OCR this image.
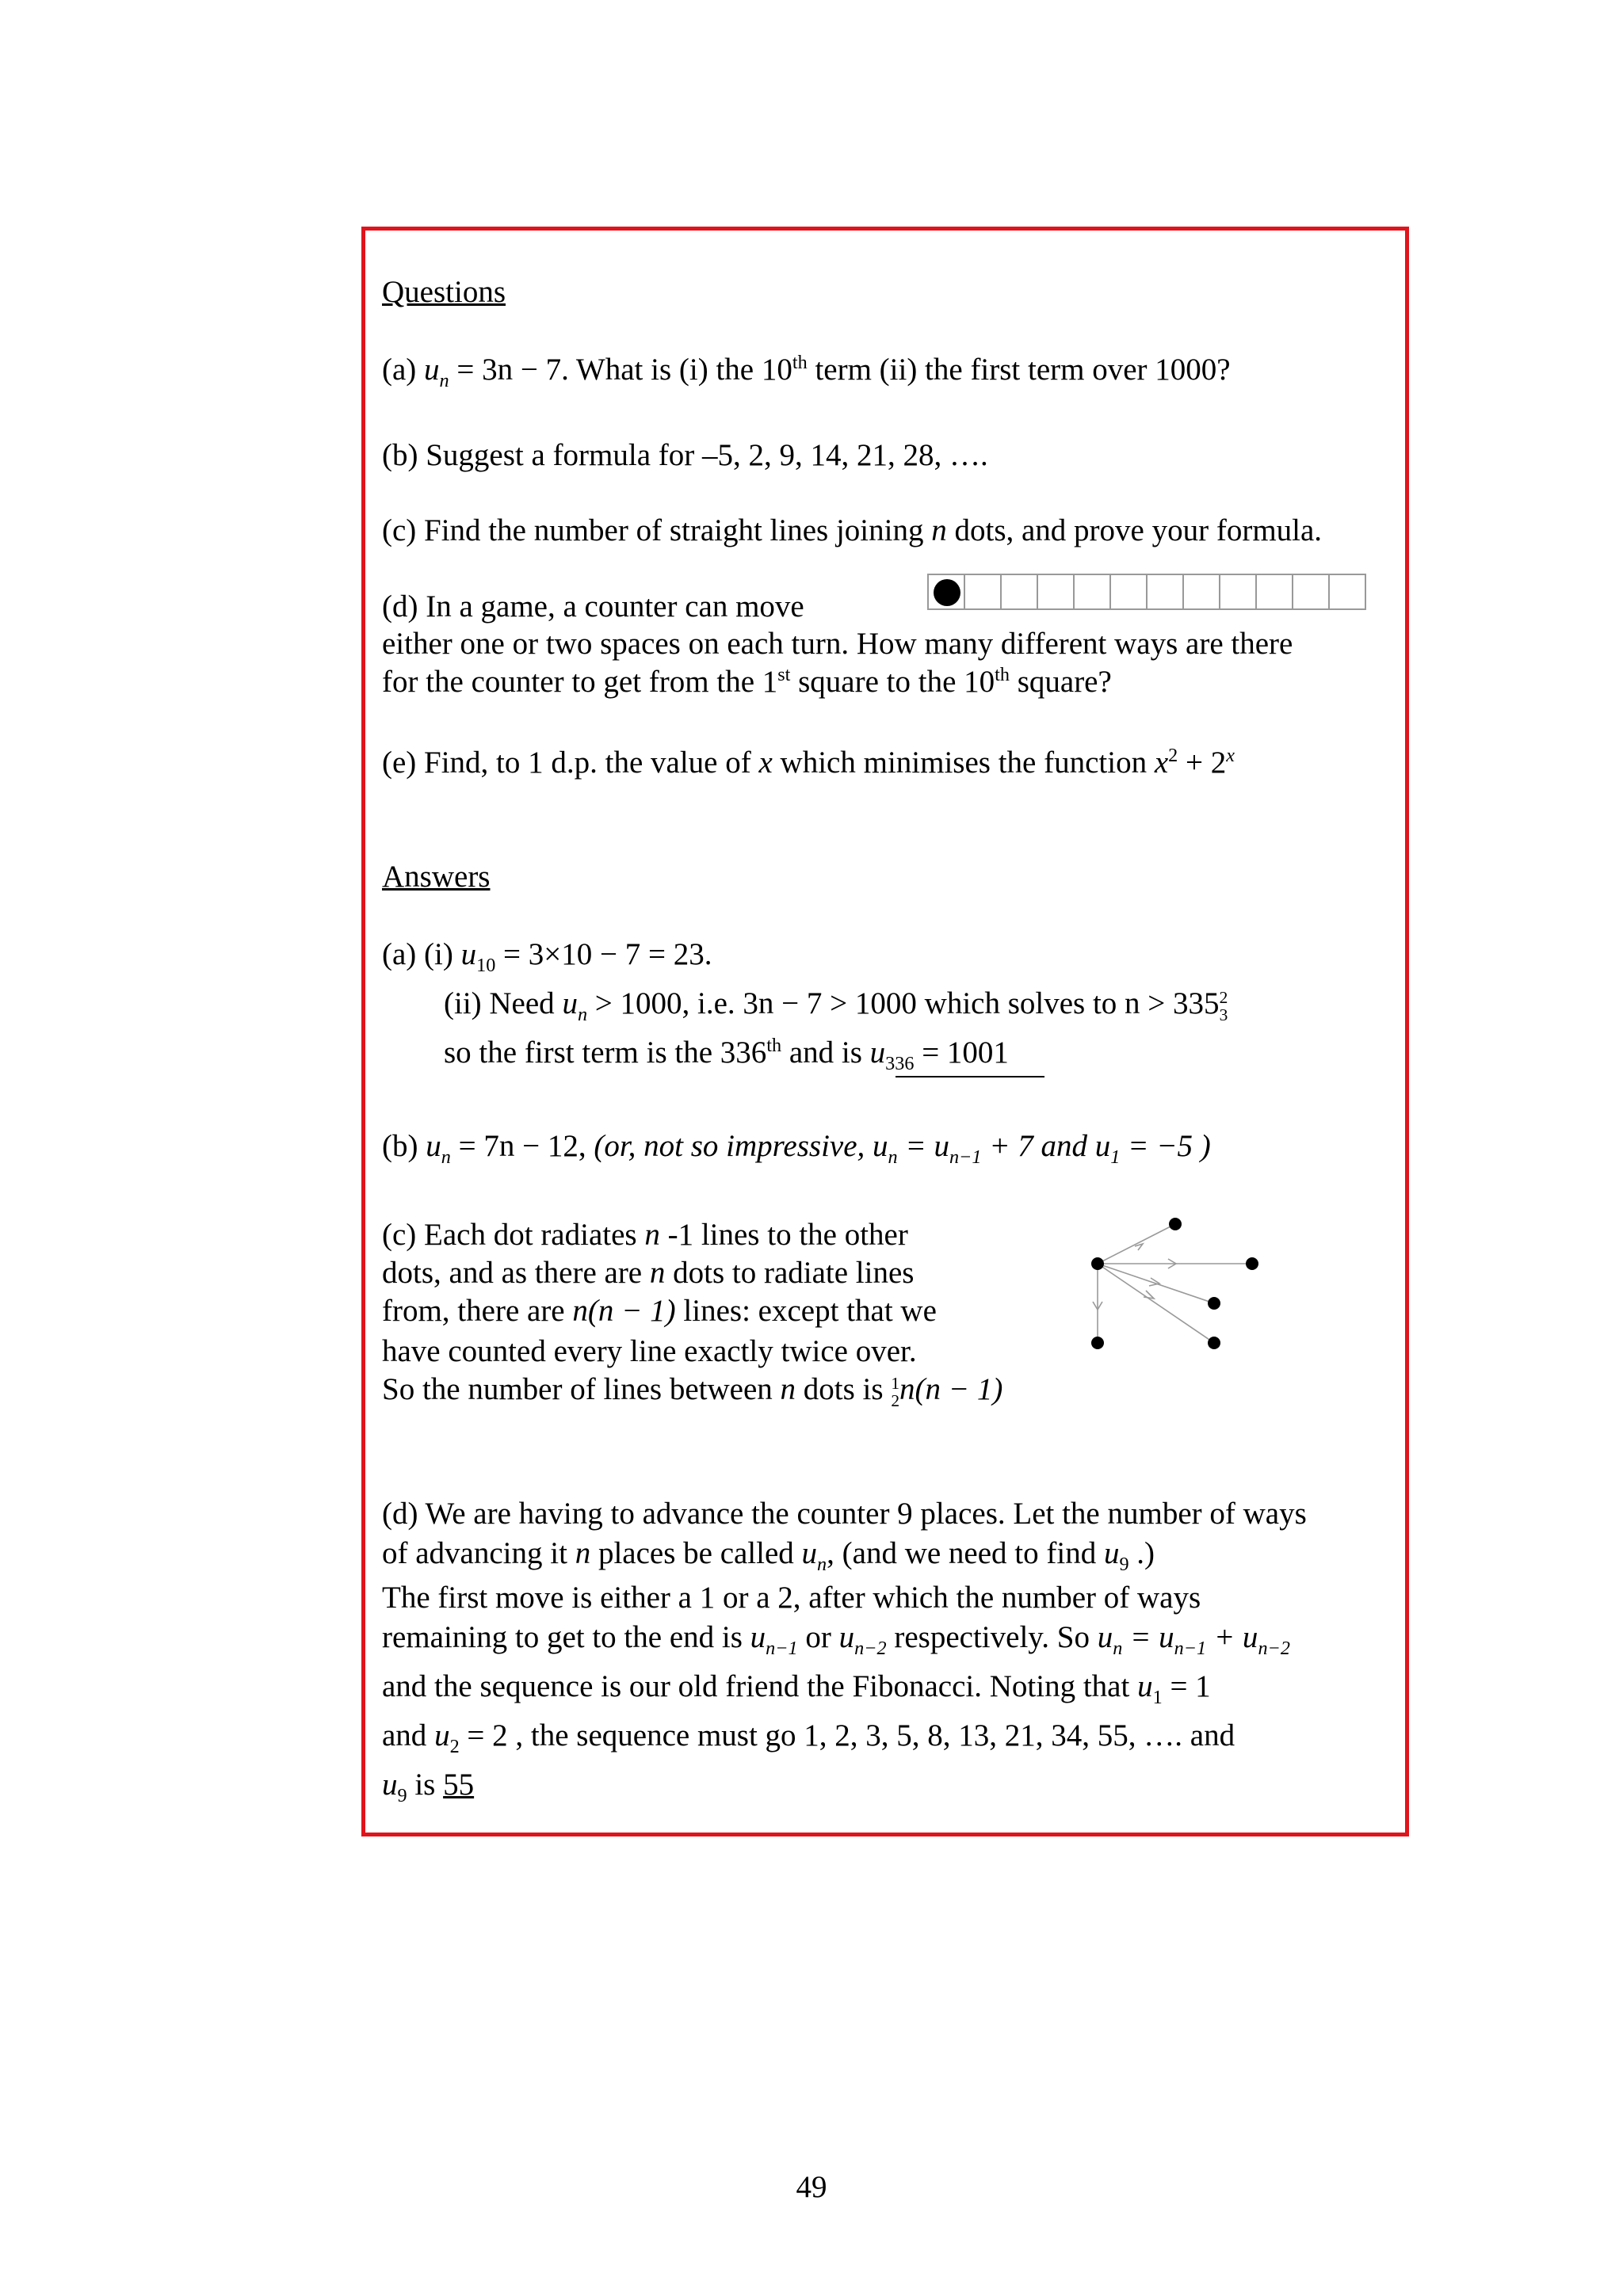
Questions
(a) $u_n = 3n - 7$. What is (i) the 10th term (ii) the first term over 1000?
(b) Suggest a formula for –5, 2, 9, 14, 21, 28, ….
(c) Find the number of straight lines joining n dots, and prove your formula.
(d) In a game, a counter can move
either one or two spaces on each turn. How many different ways are there
for the counter to get from the 1st square to the 10th square?
(e) Find, to 1 d.p. the value of x which minimises the function $x^2 + 2^x$
Answers
(a) (i) $u_{10} = 3\times 10 - 7 = 23$.
(ii) Need $u_n > 1000$, i.e. 3n − 7 > 1000 which solves to n > 335 2
3
so the first term is the 336th and is $u_{336} = 1001$
(b) $u_n = 7n - 12$, (or, not so impressive, $u_n = u_{n-1} + 7$ and $u_1 = -5$ )
(c) Each dot radiates n -1 lines to the other
dots, and as there are n dots to radiate lines
from, there are n(n − 1) lines: except that we
have counted every line exactly twice over.
So the number of lines between n dots is 1
2 n(n − 1)
(d) We are having to advance the counter 9 places. Let the number of ways
of advancing it n places be called $u_n$, (and we need to find $u_9$ .)
The first move is either a 1 or a 2, after which the number of ways
remaining to get to the end is $u_{n-1}$ or $u_{n-2}$ respectively. So $u_n = u_{n-1} + u_{n-2}$
and the sequence is our old friend the Fibonacci. Noting that $u_1 = 1$
and $u_2 = 2$ , the sequence must go 1, 2, 3, 5, 8, 13, 21, 34, 55, …. and
$u_9$ is 55
49
